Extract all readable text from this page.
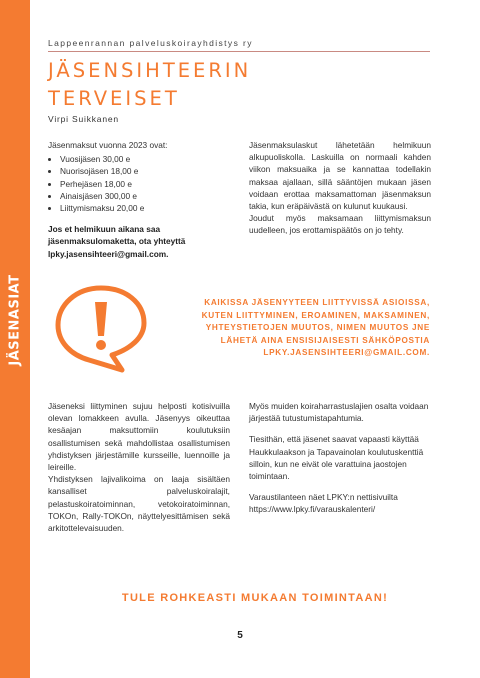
JÄSENASIAT
Lappeenrannan palveluskoirayhdistys ry
JÄSENSIHTEERIN
TERVEISET
Virpi Suikkanen

Jäsenmaksut vuonna 2023 ovat:

• Vuosijäsen 30,00 e
• Nuorisojäsen 18,00 e
• Perhejäsen 18,00 e
• Ainaisjäsen 300,00 e
• Liittymismaksu 20,00 e

Jos et helmikuun aikana saa
jäsenmaksulomaketta, ota yhteyttä
lpky.jasensihteeri@gmail.com.

Jäsenmaksulaskut lähetetään helmikuun alkupuoliskolla. Laskuilla on normaali kahden viikon maksuaika ja se kannattaa todellakin maksaa ajallaan, sillä sääntöjen mukaan jäsen voidaan erottaa maksamattoman jäsenmaksun takia, kun eräpäivästä on kulunut kuukausi.

Joudut myös maksamaan liittymismaksun uudelleen, jos erottamispäätös on jo tehty.

KAIKISSA JÄSENYYTEEN LIITTYVISSÄ ASIOISSA,
KUTEN LIITTYMINEN, EROAMINEN, MAKSAMINEN,
YHTEYSTIETOJEN MUUTOS, NIMEN MUUTOS JNE
LÄHETÄ AINA ENSISIJAISESTI SÄHKÖPOSTIA
LPKY.JASENSIHTEERI@GMAIL.COM.

Jäseneksi liittyminen sujuu helposti kotisivuilla olevan lomakkeen avulla. Jäsenyys oikeuttaa kesäajan maksuttomiin koulutuksiin osallistumisen sekä mahdollistaa osallistumisen yhdistyksen järjestämille kursseille, luennoille ja leireille.

Yhdistyksen lajivalikoima on laaja sisältäen kansalliset palveluskoiralajit, pelastuskoiratoiminnan, vetokoiratoiminnan, TOKOn, Rally-TOKOn, näyttelyesittämisen sekä arkitottelevaisuuden.

Myös muiden koiraharrastuslajien osalta voidaan järjestää tutustumistapahtumia.

Tiesithän, että jäsenet saavat vapaasti käyttää Haukkulaakson ja Tapavainolan koulutuskenttiä silloin, kun ne eivät ole varattuina jaostojen toimintaan.

Varaustilanteen näet LPKY:n nettisivuilta https://www.lpky.fi/varauskalenteri/

TULE ROHKEASTI MUKAAN TOIMINTAAN!
5
